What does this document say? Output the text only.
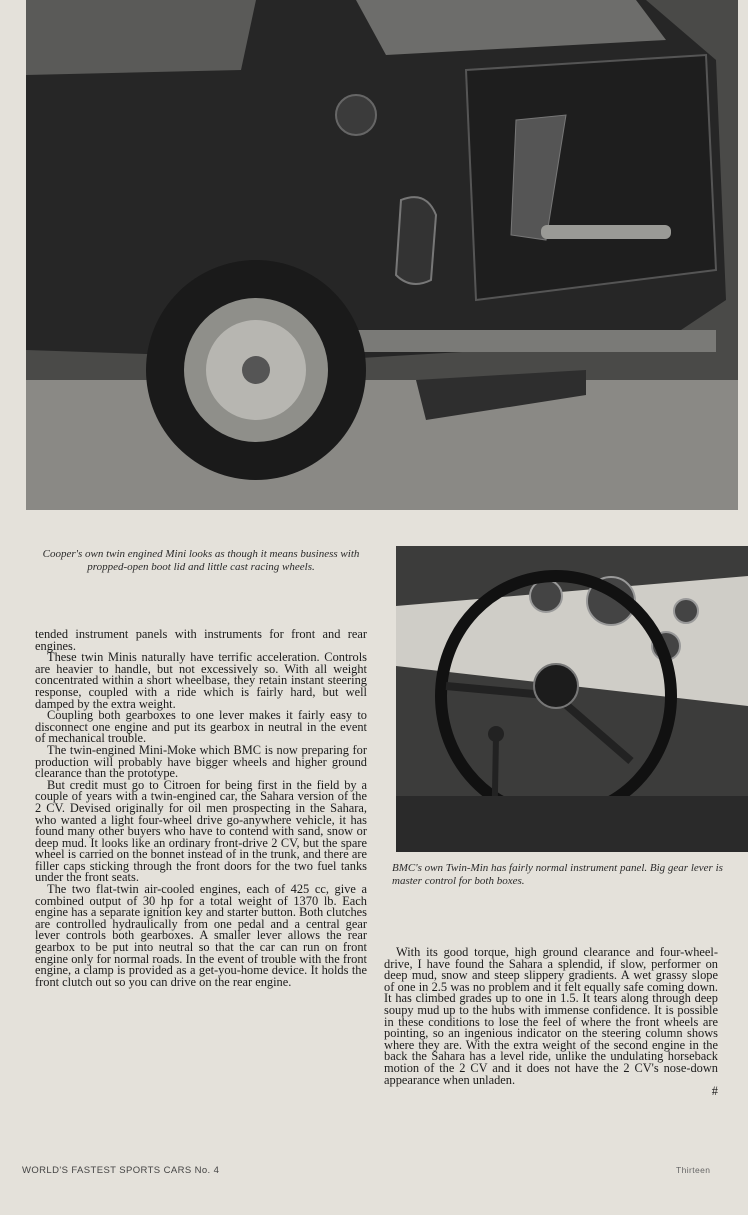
Cooper's own twin engined Mini looks as though it means business with propped-open boot lid and little cast racing wheels.
BMC's own Twin-Min has fairly normal instrument panel. Big gear lever is master control for both boxes.

tended instrument panels with instruments for front and rear engines.

These twin Minis naturally have terrific acceleration. Controls are heavier to handle, but not excessively so. With all weight concentrated within a short wheelbase, they retain instant steering response, coupled with a ride which is fairly hard, but well damped by the extra weight.

Coupling both gearboxes to one lever makes it fairly easy to disconnect one engine and put its gearbox in neutral in the event of mechanical trouble.

The twin-engined Mini-Moke which BMC is now preparing for production will probably have bigger wheels and higher ground clearance than the prototype.

But credit must go to Citroen for being first in the field by a couple of years with a twin-engined car, the Sahara version of the 2 CV. Devised originally for oil men prospecting in the Sahara, who wanted a light four-wheel drive go-anywhere vehicle, it has found many other buyers who have to contend with sand, snow or deep mud. It looks like an ordinary front-drive 2 CV, but the spare wheel is carried on the bonnet instead of in the trunk, and there are filler caps sticking through the front doors for the two fuel tanks under the front seats.

The two flat-twin air-cooled engines, each of 425 cc, give a combined output of 30 hp for a total weight of 1370 lb. Each engine has a separate ignition key and starter button. Both clutches are controlled hydraulically from one pedal and a central gear lever controls both gearboxes. A smaller lever allows the rear gearbox to be put into neutral so that the car can run on front engine only for normal roads. In the event of trouble with the front engine, a clamp is provided as a get-you-home device. It holds the front clutch out so you can drive on the rear engine.

With its good torque, high ground clearance and four-wheel-drive, I have found the Sahara a splendid, if slow, performer on deep mud, snow and steep slippery gradients. A wet grassy slope of one in 2.5 was no problem and it felt equally safe coming down. It has climbed grades up to one in 1.5. It tears along through deep soupy mud up to the hubs with immense confidence. It is possible in these conditions to lose the feel of where the front wheels are pointing, so an ingenious indicator on the steering column shows where they are. With the extra weight of the second engine in the back the Sahara has a level ride, unlike the undulating horseback motion of the 2 CV and it does not have the 2 CV's nose-down appearance when unladen.

#
WORLD'S FASTEST SPORTS CARS No. 4	Thirteen
